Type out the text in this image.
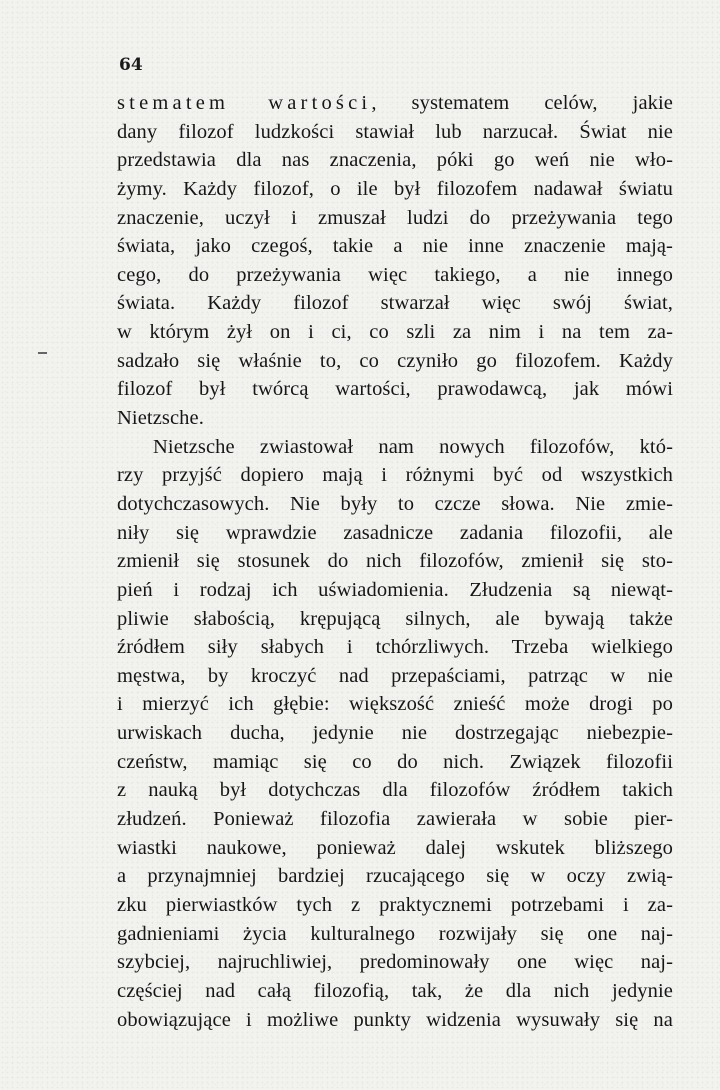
64
stematem wartości, systematem celów, jakie
dany filozof ludzkości stawiał lub narzucał. Świat nie
przedstawia dla nas znaczenia, póki go weń nie wło-
żymy. Każdy filozof, o ile był filozofem nadawał światu
znaczenie, uczył i zmuszał ludzi do przeżywania tego
świata, jako czegoś, takie a nie inne znaczenie mają-
cego, do przeżywania więc takiego, a nie innego
świata. Każdy filozof stwarzał więc swój świat,
w którym żył on i ci, co szli za nim i na tem za-
sadzało się właśnie to, co czyniło go filozofem. Każdy
filozof był twórcą wartości, prawodawcą, jak mówi
Nietzsche.
Nietzsche zwiastował nam nowych filozofów, któ-
rzy przyjść dopiero mają i różnymi być od wszystkich
dotychczasowych. Nie były to czcze słowa. Nie zmie-
niły się wprawdzie zasadnicze zadania filozofii, ale
zmienił się stosunek do nich filozofów, zmienił się sto-
pień i rodzaj ich uświadomienia. Złudzenia są niewąt-
pliwie słabością, krępującą silnych, ale bywają także
źródłem siły słabych i tchórzliwych. Trzeba wielkiego
męstwa, by kroczyć nad przepaściami, patrząc w nie
i mierzyć ich głębie: większość znieść może drogi po
urwiskach ducha, jedynie nie dostrzegając niebezpie-
czeństw, mamiąc się co do nich. Związek filozofii
z nauką był dotychczas dla filozofów źródłem takich
złudzeń. Ponieważ filozofia zawierała w sobie pier-
wiastki naukowe, ponieważ dalej wskutek bliższego
a przynajmniej bardziej rzucającego się w oczy zwią-
zku pierwiastków tych z praktycznemi potrzebami i za-
gadnieniami życia kulturalnego rozwijały się one naj-
szybciej, najruchliwiej, predominowały one więc naj-
częściej nad całą filozofią, tak, że dla nich jedynie
obowiązujące i możliwe punkty widzenia wysuwały się na
